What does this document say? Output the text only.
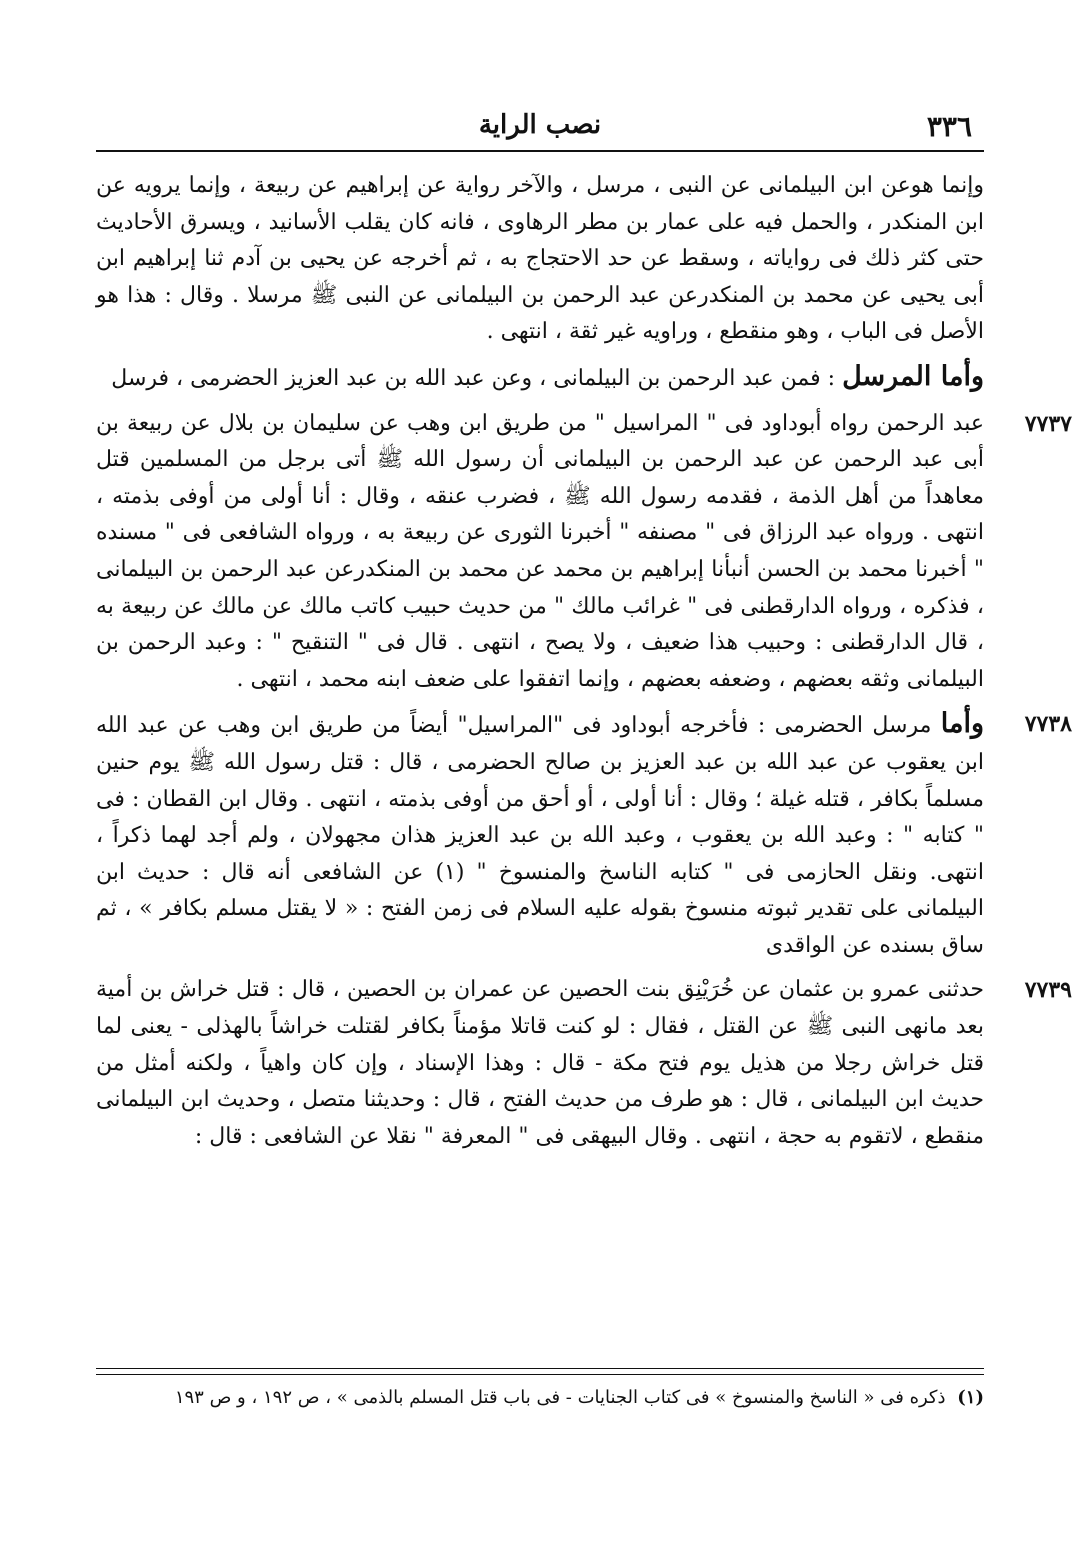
٣٣٦
نصب الراية

وإنما هوعن ابن البيلمانى عن النبى ، مرسل ، والآخر رواية عن إبراهيم عن ربيعة ، وإنما يرويه عن ابن المنكدر ، والحمل فيه على عمار بن مطر الرهاوى ، فانه كان يقلب الأسانيد ، ويسرق الأحاديث حتى كثر ذلك فى رواياته ، وسقط عن حد الاحتجاج به ، ثم أخرجه عن يحيى بن آدم ثنا إبراهيم ابن أبى يحيى عن محمد بن المنكدرعن عبد الرحمن بن البيلمانى عن النبى ﷺ مرسلا . وقال : هذا هو الأصل فى الباب ، وهو منقطع ، وراويه غير ثقة ، انتهى .

وأما المرسل : فمن عبد الرحمن بن البيلمانى ، وعن عبد الله بن عبد العزيز الحضرمى ، فرسل

٧٧٣٧
عبد الرحمن رواه أبوداود فى " المراسيل " من طريق ابن وهب عن سليمان بن بلال عن ربيعة بن أبى عبد الرحمن عن عبد الرحمن بن البيلمانى أن رسول الله ﷺ أتى برجل من المسلمين قتل معاهداً من أهل الذمة ، فقدمه رسول الله ﷺ ، فضرب عنقه ، وقال : أنا أولى من أوفى بذمته ، انتهى . ورواه عبد الرزاق فى " مصنفه " أخبرنا الثورى عن ربيعة به ، ورواه الشافعى فى " مسنده " أخبرنا محمد بن الحسن أنبأنا إبراهيم بن محمد عن محمد بن المنكدرعن عبد الرحمن بن البيلمانى ، فذكره ، ورواه الدارقطنى فى " غرائب مالك " من حديث حبيب كاتب مالك عن مالك عن ربيعة به ، قال الدارقطنى : وحبيب هذا ضعيف ، ولا يصح ، انتهى . قال فى " التنقيح " : وعبد الرحمن بن البيلمانى وثقه بعضهم ، وضعفه بعضهم ، وإنما اتفقوا على ضعف ابنه محمد ، انتهى .

٧٧٣٨
وأما مرسل الحضرمى : فأخرجه أبوداود فى "المراسيل" أيضاً من طريق ابن وهب عن عبد الله ابن يعقوب عن عبد الله بن عبد العزيز بن صالح الحضرمى ، قال : قتل رسول الله ﷺ يوم حنين مسلماً بكافر ، قتله غيلة ؛ وقال : أنا أولى ، أو أحق من أوفى بذمته ، انتهى . وقال ابن القطان : فى " كتابه " : وعبد الله بن يعقوب ، وعبد الله بن عبد العزيز هذان مجهولان ، ولم أجد لهما ذكراً ، انتهى. ونقل الحازمى فى " كتابه الناسخ والمنسوخ " (١) عن الشافعى أنه قال : حديث ابن البيلمانى على تقدير ثبوته منسوخ بقوله عليه السلام فى زمن الفتح : « لا يقتل مسلم بكافر » ، ثم ساق بسنده عن الواقدى

٧٧٣٩
حدثنى عمرو بن عثمان عن خُرَيْنِق بنت الحصين عن عمران بن الحصين ، قال : قتل خراش بن أمية بعد مانهى النبى ﷺ عن القتل ، فقال : لو كنت قاتلا مؤمناً بكافر لقتلت خراشاً بالهذلى - يعنى لما قتل خراش رجلا من هذيل يوم فتح مكة - قال : وهذا الإسناد ، وإن كان واهياً ، ولكنه أمثل من حديث ابن البيلمانى ، قال : هو طرف من حديث الفتح ، قال : وحديثنا متصل ، وحديث ابن البيلمانى منقطع ، لاتقوم به حجة ، انتهى . وقال البيهقى فى " المعرفة " نقلا عن الشافعى : قال :

(١) ذكره فى « الناسخ والمنسوخ » فى كتاب الجنايات - فى باب قتل المسلم بالذمى » ، ص ١٩٢ ، و ص ١٩٣
